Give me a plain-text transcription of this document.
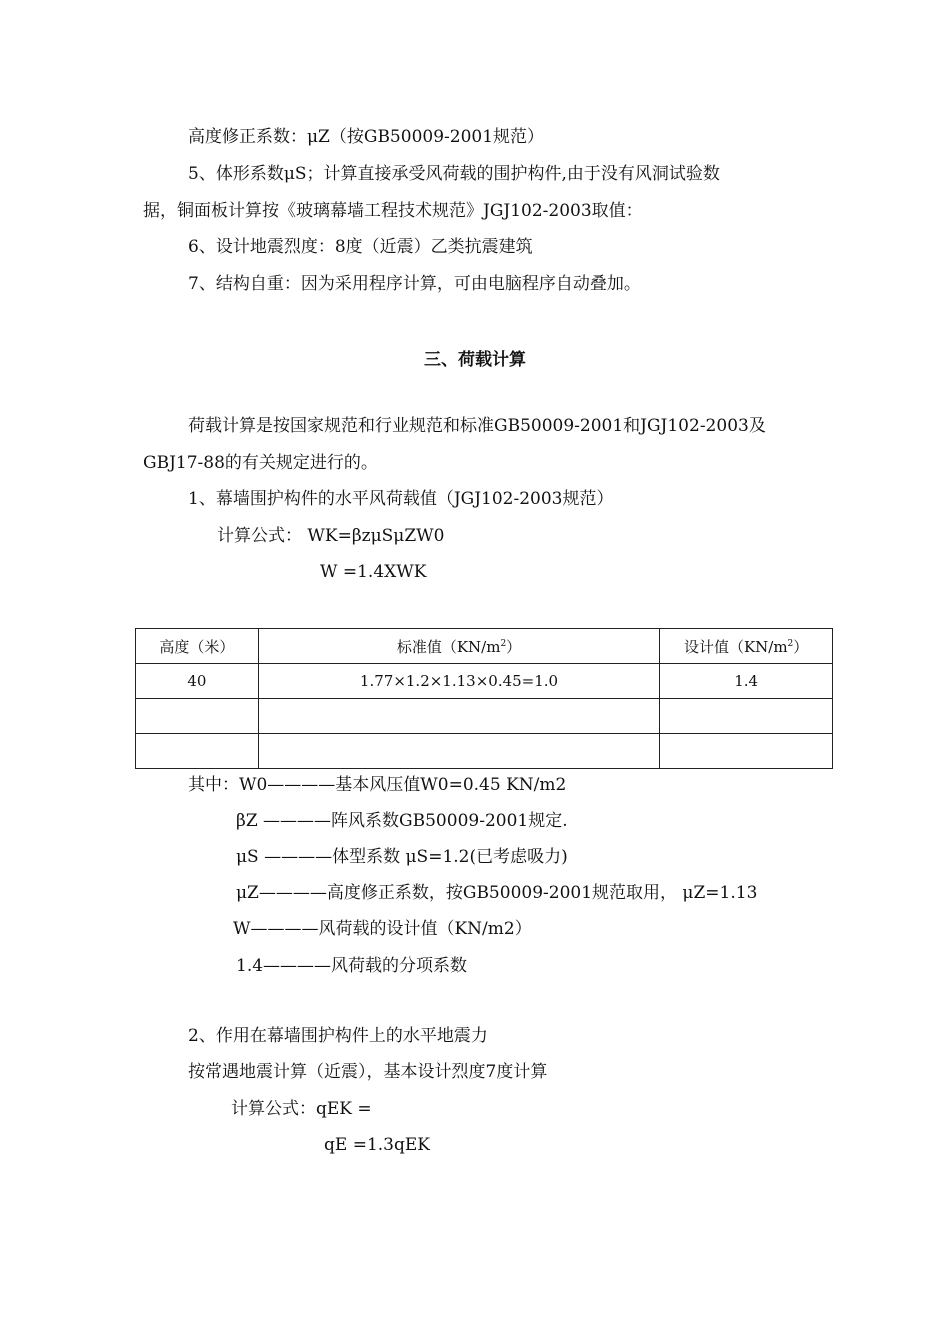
高度修正系数：μZ（按GB50009-2001规范）
5、体形系数μS；计算直接承受风荷载的围护构件,由于没有风洞试验数
据，铜面板计算按《玻璃幕墙工程技术规范》JGJ102-2003取值：
6、设计地震烈度：8度（近震）乙类抗震建筑
7、结构自重：因为采用程序计算，可由电脑程序自动叠加。
三、荷载计算
荷载计算是按国家规范和行业规范和标准GB50009-2001和JGJ102-2003及
GBJ17-88的有关规定进行的。
1、幕墙围护构件的水平风荷载值（JGJ102-2003规范）
计算公式： WK=βzμSμZW0
W =1.4XWK
高度（米）	标准值$(KN/m^2)$	设计值$(KN/m^2)$
40	1.77×1.2×1.13×0.45=1.0	1.4

其中：W0————基本风压值W0=0.45 KN/m2
βZ ————阵风系数GB50009-2001规定.
μS ————体型系数 μS=1.2(已考虑吸力)
μZ————高度修正系数，按GB50009-2001规范取用， μZ=1.13
W————风荷载的设计值（KN/m2）
1.4————风荷载的分项系数
2、作用在幕墙围护构件上的水平地震力
按常遇地震计算（近震），基本设计烈度7度计算
计算公式：qEK =
qE =1.3qEK
